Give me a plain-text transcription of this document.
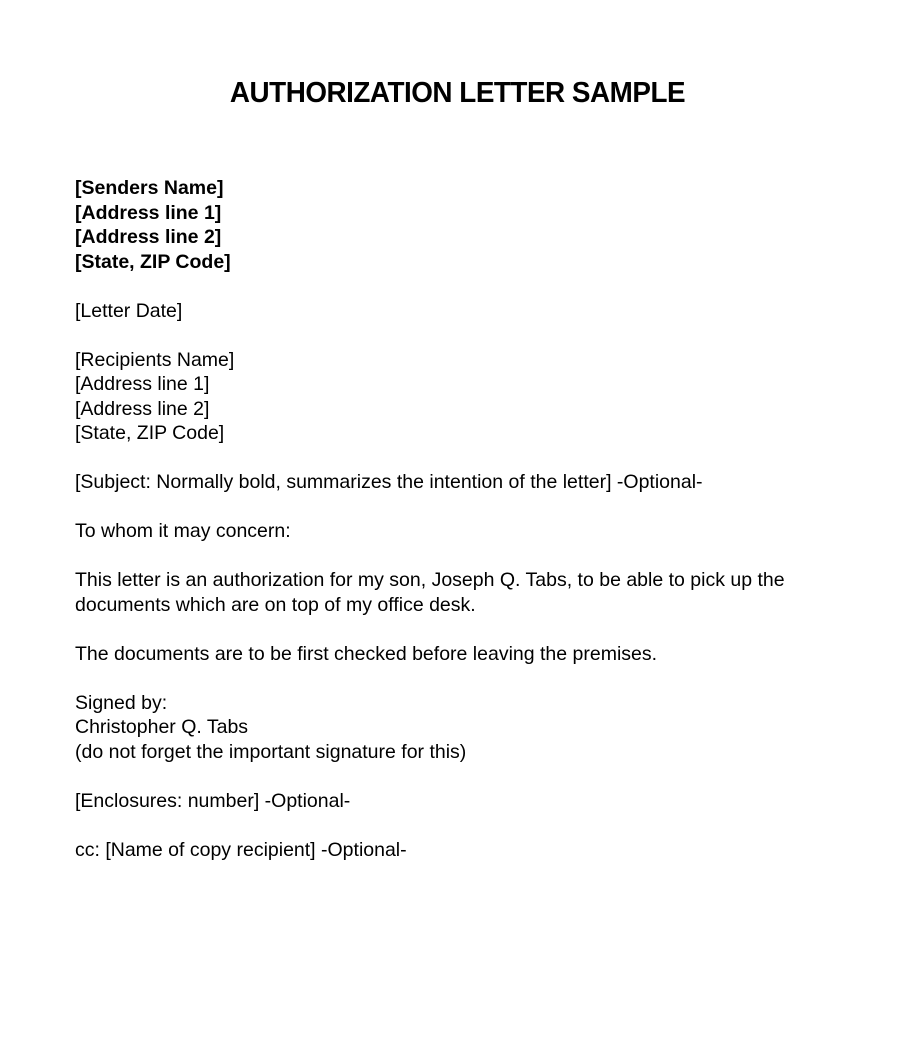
AUTHORIZATION LETTER SAMPLE
[Senders Name]
[Address line 1]
[Address line 2]
[State, ZIP Code]
[Letter Date]
[Recipients Name]
[Address line 1]
[Address line 2]
[State, ZIP Code]
[Subject: Normally bold, summarizes the intention of the letter] -Optional-
To whom it may concern:
This letter is an authorization for my son, Joseph Q. Tabs, to be able to pick up the documents which are on top of my office desk.
The documents are to be first checked before leaving the premises.
Signed by:
Christopher Q. Tabs
(do not forget the important signature for this)
[Enclosures: number] -Optional-
cc: [Name of copy recipient] -Optional-
